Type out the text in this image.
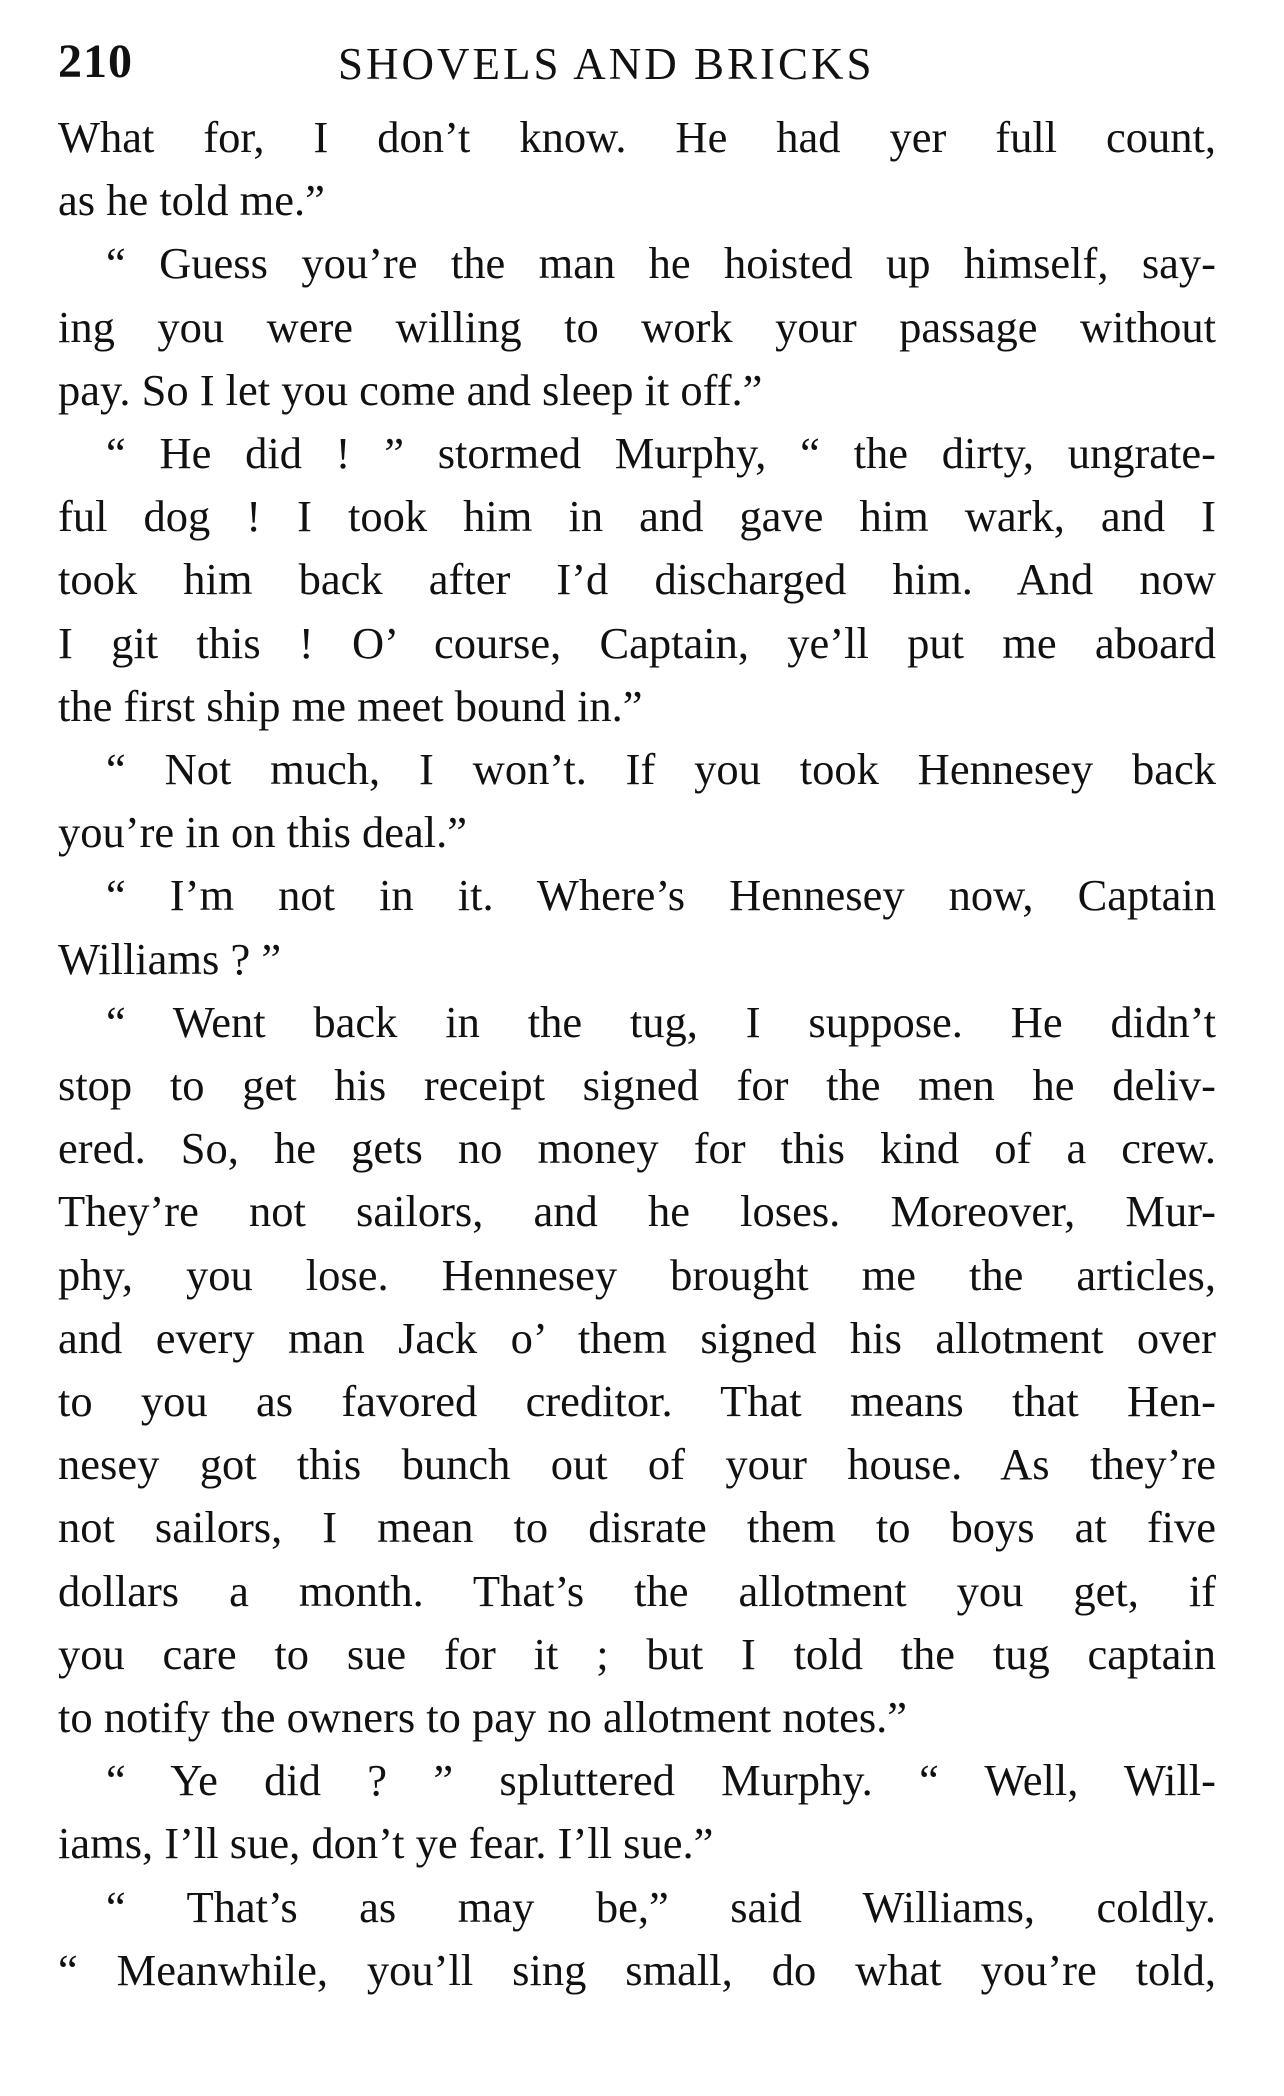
210	SHOVELS AND BRICKS
What for, I don’t know. He had yer full count,
as he told me.”
“ Guess you’re the man he hoisted up himself, say-
ing you were willing to work your passage without
pay. So I let you come and sleep it off.”
“ He did ! ” stormed Murphy, “ the dirty, ungrate-
ful dog ! I took him in and gave him wark, and I
took him back after I’d discharged him. And now
I git this ! O’ course, Captain, ye’ll put me aboard
the first ship me meet bound in.”
“ Not much, I won’t. If you took Hennesey back
you’re in on this deal.”
“ I’m not in it. Where’s Hennesey now, Captain
Williams ? ”
“ Went back in the tug, I suppose. He didn’t
stop to get his receipt signed for the men he deliv-
ered. So, he gets no money for this kind of a crew.
They’re not sailors, and he loses. Moreover, Mur-
phy, you lose. Hennesey brought me the articles,
and every man Jack o’ them signed his allotment over
to you as favored creditor. That means that Hen-
nesey got this bunch out of your house. As they’re
not sailors, I mean to disrate them to boys at five
dollars a month. That’s the allotment you get, if
you care to sue for it ; but I told the tug captain
to notify the owners to pay no allotment notes.”
“ Ye did ? ” spluttered Murphy. “ Well, Will-
iams, I’ll sue, don’t ye fear. I’ll sue.”
“ That’s as may be,” said Williams, coldly.
“ Meanwhile, you’ll sing small, do what you’re told,
